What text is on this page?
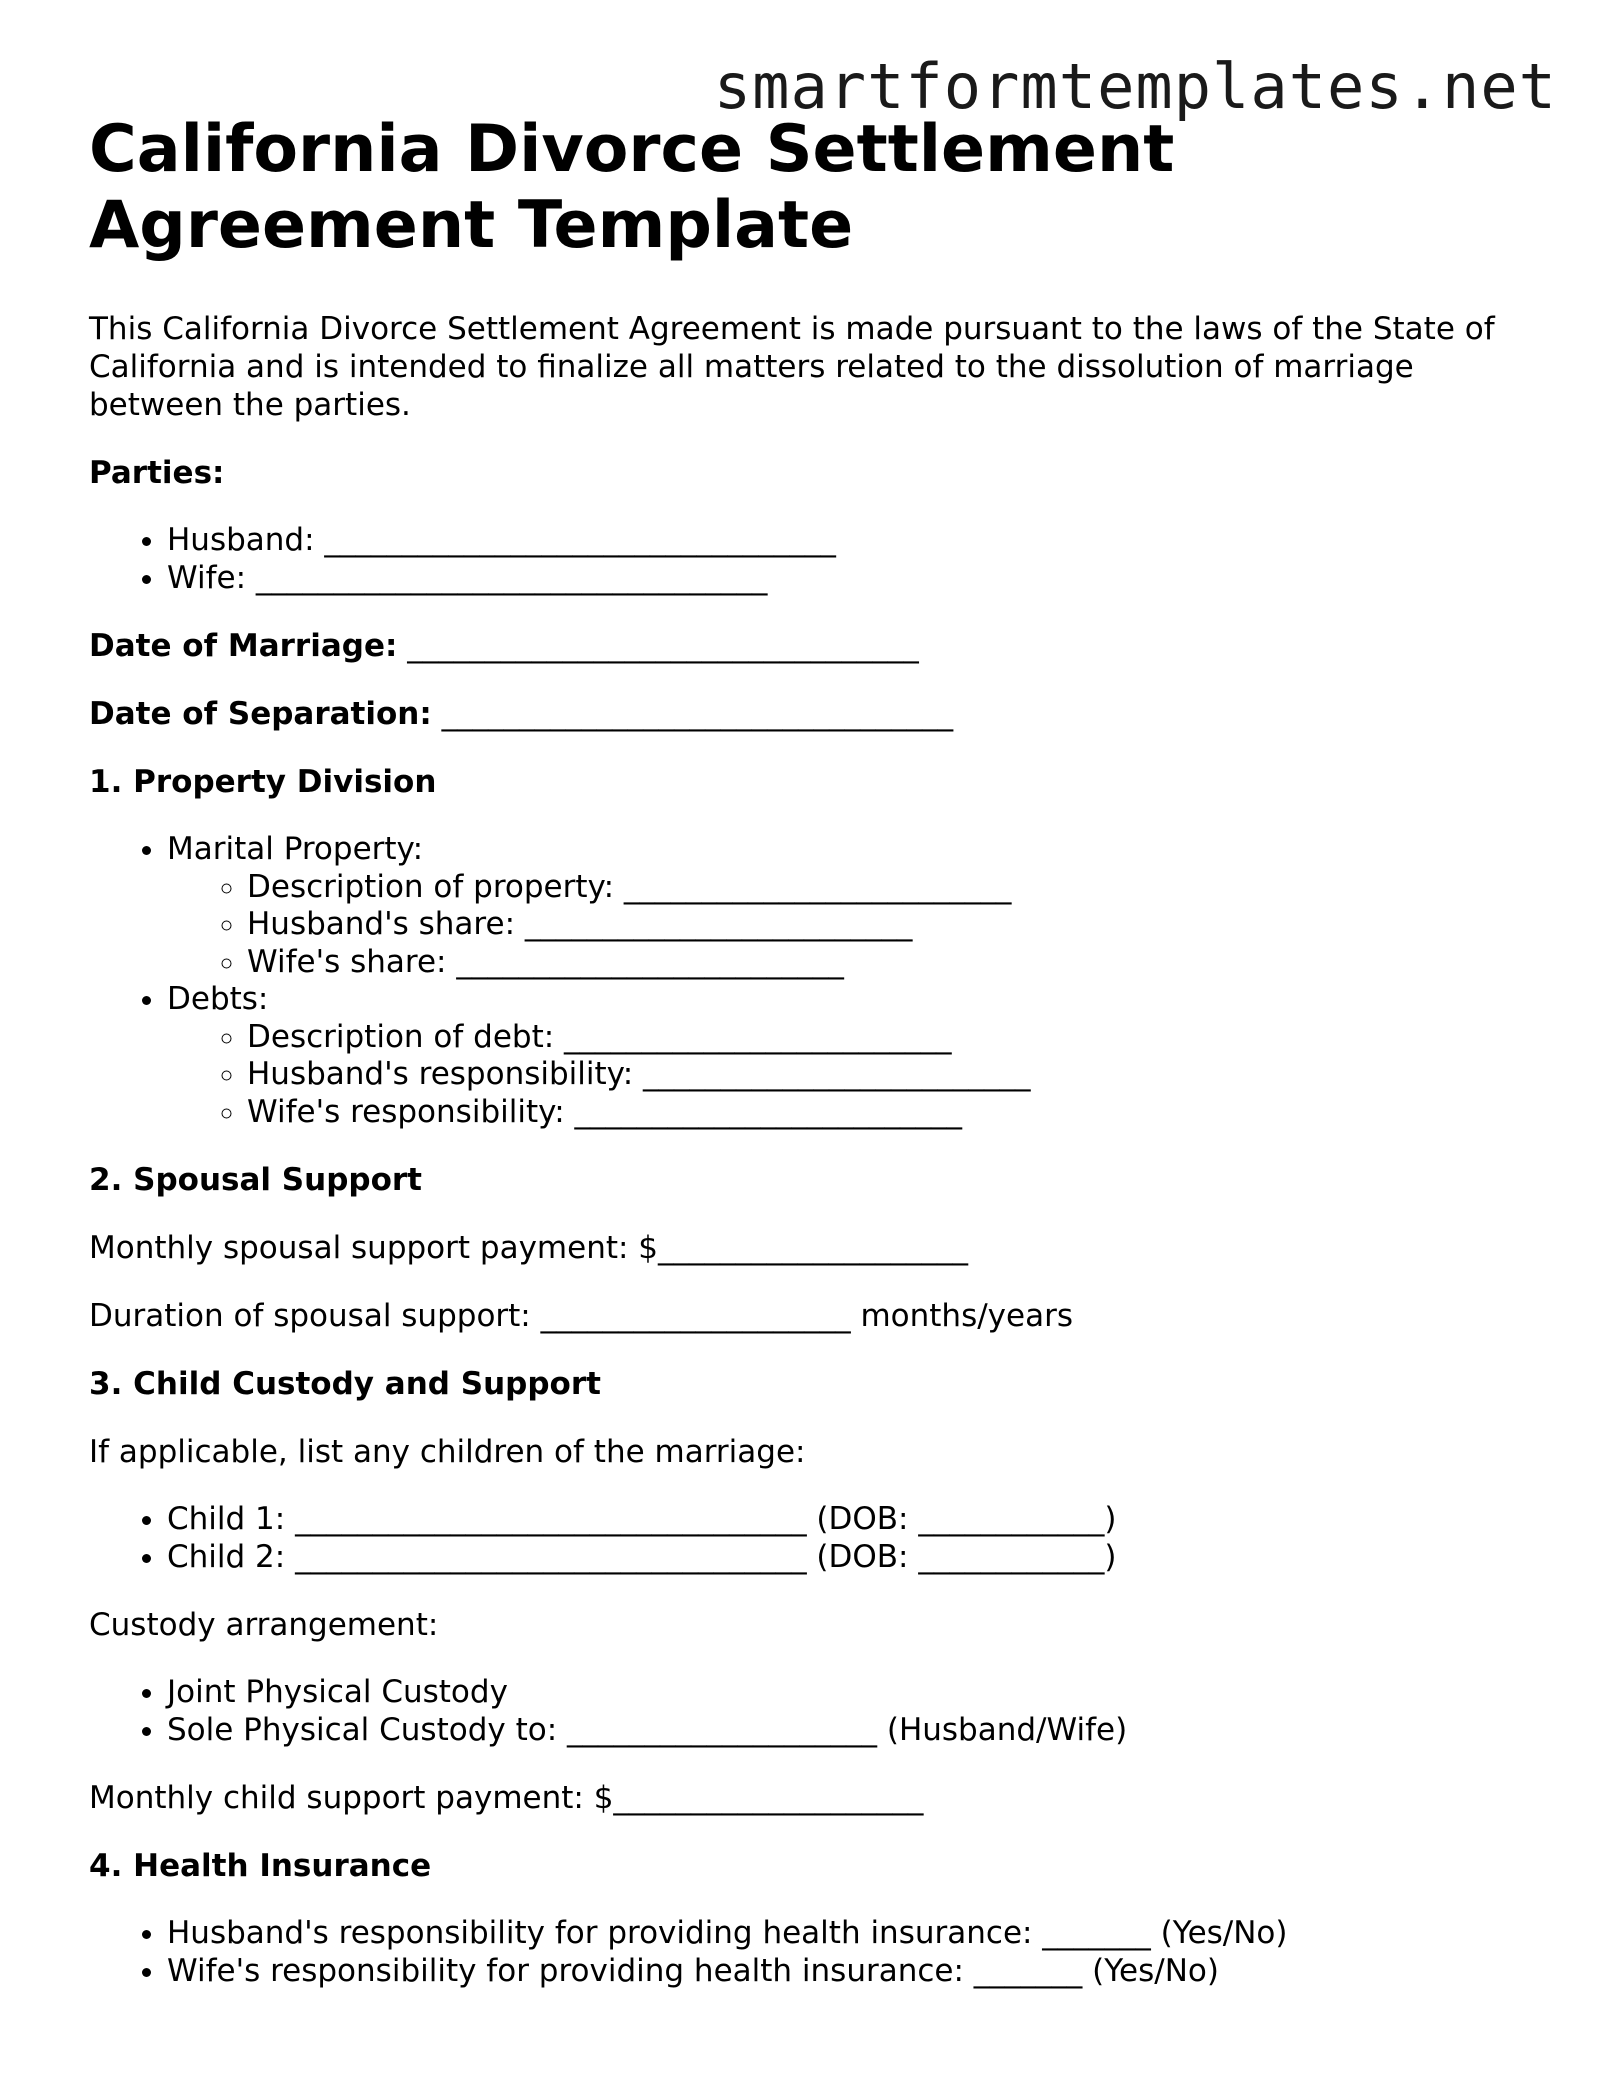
smartformtemplates.net
California Divorce Settlement Agreement Template

This California Divorce Settlement Agreement is made pursuant to the laws of the State of California and is intended to finalize all matters related to the dissolution of marriage between the parties.

Parties:

• Husband: _________________________________
• Wife: _________________________________

Date of Marriage: _________________________________

Date of Separation: _________________________________

1. Property Division

• Marital Property:
◦ Description of property: _________________________
◦ Husband's share: _________________________
◦ Wife's share: _________________________
• Debts:
◦ Description of debt: _________________________
◦ Husband's responsibility: _________________________
◦ Wife's responsibility: _________________________

2. Spousal Support

Monthly spousal support payment: $____________________

Duration of spousal support: ____________________ months/years

3. Child Custody and Support

If applicable, list any children of the marriage:

• Child 1: _________________________________ (DOB: ____________)
• Child 2: _________________________________ (DOB: ____________)

Custody arrangement:

• Joint Physical Custody
• Sole Physical Custody to: ____________________ (Husband/Wife)

Monthly child support payment: $____________________

4. Health Insurance

• Husband's responsibility for providing health insurance: _______ (Yes/No)
• Wife's responsibility for providing health insurance: _______ (Yes/No)
